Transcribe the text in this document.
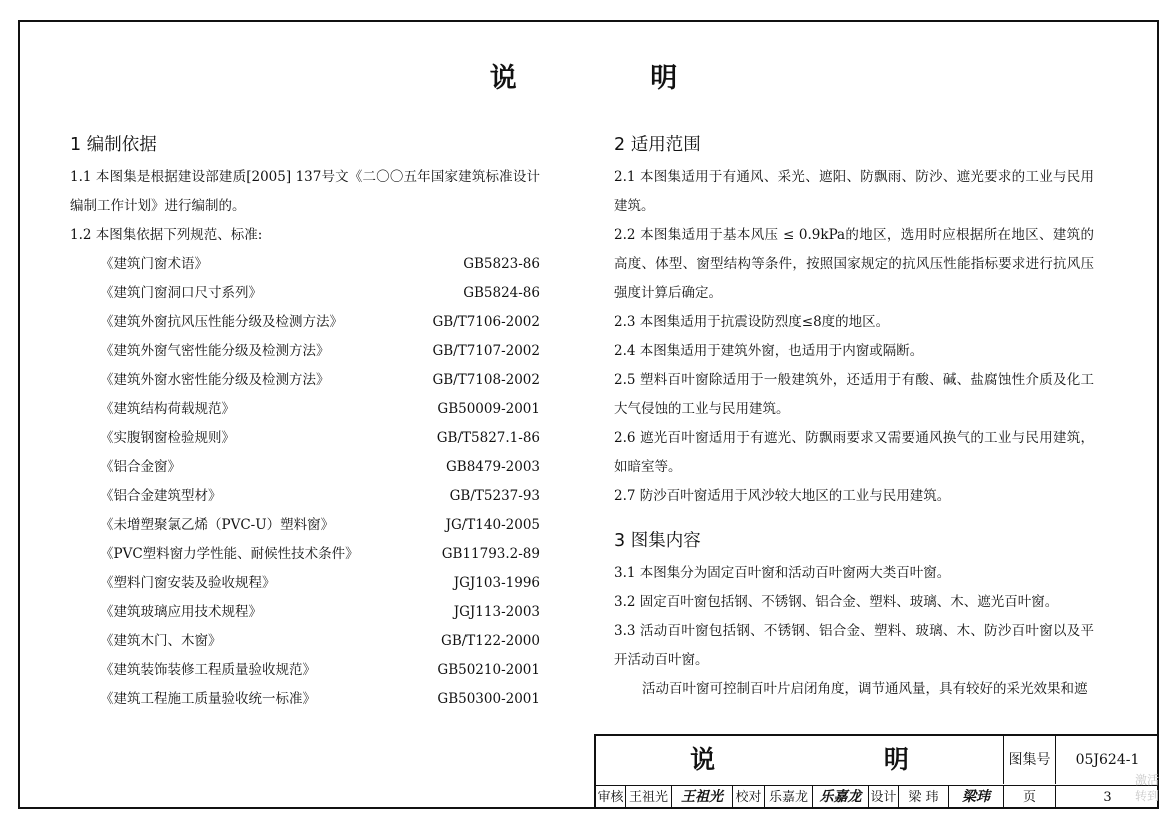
说 明
1 编制依据
1.1 本图集是根据建设部建质[2005] 137号文《二〇〇五年国家建筑标准设计编制工作计划》进行编制的。
1.2 本图集依据下列规范、标准:
《建筑门窗术语》	GB5823-86
《建筑门窗洞口尺寸系列》	GB5824-86
《建筑外窗抗风压性能分级及检测方法》	GB/T7106-2002
《建筑外窗气密性能分级及检测方法》	GB/T7107-2002
《建筑外窗水密性能分级及检测方法》	GB/T7108-2002
《建筑结构荷载规范》	GB50009-2001
《实腹钢窗检验规则》	GB/T5827.1-86
《铝合金窗》	GB8479-2003
《铝合金建筑型材》	GB/T5237-93
《未增塑聚氯乙烯（PVC-U）塑料窗》	JG/T140-2005
《PVC塑料窗力学性能、耐候性技术条件》	GB11793.2-89
《塑料门窗安装及验收规程》	JGJ103-1996
《建筑玻璃应用技术规程》	JGJ113-2003
《建筑木门、木窗》	GB/T122-2000
《建筑装饰装修工程质量验收规范》	GB50210-2001
《建筑工程施工质量验收统一标准》	GB50300-2001
2 适用范围
2.1 本图集适用于有通风、采光、遮阳、防飘雨、防沙、遮光要求的工业与民用建筑。
2.2 本图集适用于基本风压 ≤ 0.9kPa的地区，选用时应根据所在地区、建筑的高度、体型、窗型结构等条件，按照国家规定的抗风压性能指标要求进行抗风压强度计算后确定。
2.3 本图集适用于抗震设防烈度≤8度的地区。
2.4 本图集适用于建筑外窗，也适用于内窗或隔断。
2.5 塑料百叶窗除适用于一般建筑外，还适用于有酸、碱、盐腐蚀性介质及化工大气侵蚀的工业与民用建筑。
2.6 遮光百叶窗适用于有遮光、防飘雨要求又需要通风换气的工业与民用建筑，如暗室等。
2.7 防沙百叶窗适用于风沙较大地区的工业与民用建筑。
3 图集内容
3.1 本图集分为固定百叶窗和活动百叶窗两大类百叶窗。
3.2 固定百叶窗包括钢、不锈钢、铝合金、塑料、玻璃、木、遮光百叶窗。
3.3 活动百叶窗包括钢、不锈钢、铝合金、塑料、玻璃、木、防沙百叶窗以及平开活动百叶窗。
活动百叶窗可控制百叶片启闭角度，调节通风量，具有较好的采光效果和遮
说 明	图集号	05J624-1
审核 王祖光 王祖光 校对 乐嘉龙 乐嘉龙 设计 梁 玮	梁玮	页	3
激活 转到
